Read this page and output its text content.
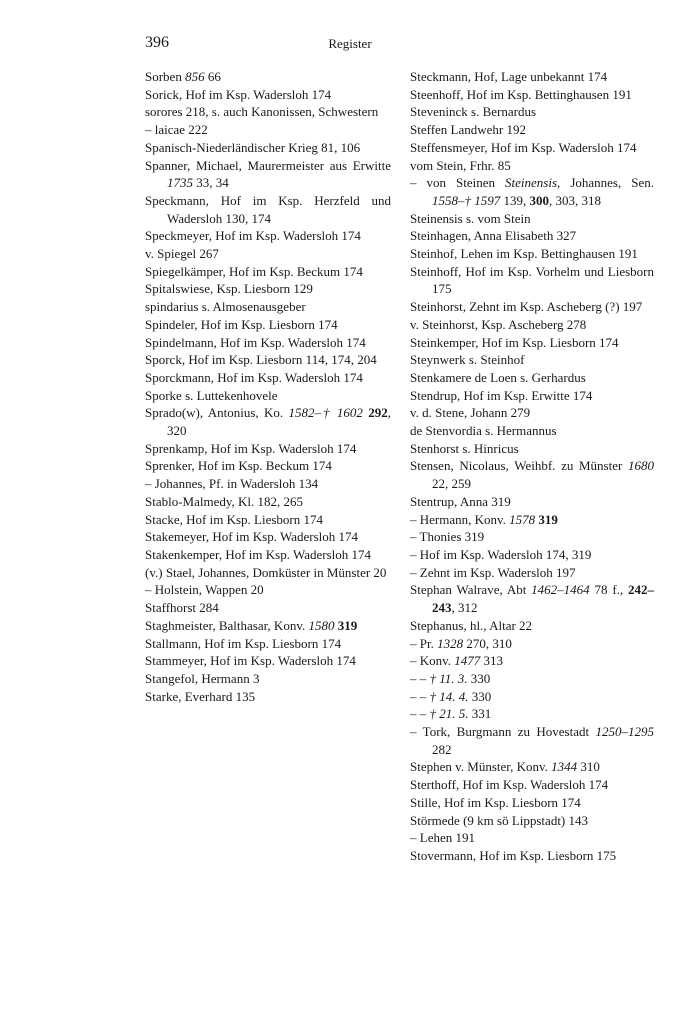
396	Register

Sorben 856 66

Sorick, Hof im Ksp. Wadersloh 174

sorores 218, s. auch Kanonissen, Schwestern

– laicae 222

Spanisch-Niederländischer Krieg 81, 106

Spanner, Michael, Maurermeister aus Erwitte 1735 33, 34

Speckmann, Hof im Ksp. Herzfeld und Wadersloh 130, 174

Speckmeyer, Hof im Ksp. Wadersloh 174

v. Spiegel 267

Spiegelkämper, Hof im Ksp. Beckum 174

Spitalswiese, Ksp. Liesborn 129

spindarius s. Almosenausgeber

Spindeler, Hof im Ksp. Liesborn 174

Spindelmann, Hof im Ksp. Wadersloh 174

Sporck, Hof im Ksp. Liesborn 114, 174, 204

Sporckmann, Hof im Ksp. Wadersloh 174

Sporke s. Luttekenhovele

Sprado(w), Antonius, Ko. 1582–† 1602 292, 320

Sprenkamp, Hof im Ksp. Wadersloh 174

Sprenker, Hof im Ksp. Beckum 174

– Johannes, Pf. in Wadersloh 134

Stablo-Malmedy, Kl. 182, 265

Stacke, Hof im Ksp. Liesborn 174

Stakemeyer, Hof im Ksp. Wadersloh 174

Stakenkemper, Hof im Ksp. Wadersloh 174

(v.) Stael, Johannes, Domküster in Münster 20

– Holstein, Wappen 20

Staffhorst 284

Staghmeister, Balthasar, Konv. 1580 319

Stallmann, Hof im Ksp. Liesborn 174

Stammeyer, Hof im Ksp. Wadersloh 174

Stangefol, Hermann 3

Starke, Everhard 135

Steckmann, Hof, Lage unbekannt 174

Steenhoff, Hof im Ksp. Bettinghausen 191

Steveninck s. Bernardus

Steffen Landwehr 192

Steffensmeyer, Hof im Ksp. Wadersloh 174

vom Stein, Frhr. 85

– von Steinen Steinensis, Johannes, Sen. 1558–† 1597 139, 300, 303, 318

Steinensis s. vom Stein

Steinhagen, Anna Elisabeth 327

Steinhof, Lehen im Ksp. Bettinghausen 191

Steinhoff, Hof im Ksp. Vorhelm und Liesborn 175

Steinhorst, Zehnt im Ksp. Ascheberg (?) 197

v. Steinhorst, Ksp. Ascheberg 278

Steinkemper, Hof im Ksp. Liesborn 174

Steynwerk s. Steinhof

Stenkamere de Loen s. Gerhardus

Stendrup, Hof im Ksp. Erwitte 174

v. d. Stene, Johann 279

de Stenvordia s. Hermannus

Stenhorst s. Hinricus

Stensen, Nicolaus, Weihbf. zu Münster 1680 22, 259

Stentrup, Anna 319

– Hermann, Konv. 1578 319

– Thonies 319

– Hof im Ksp. Wadersloh 174, 319

– Zehnt im Ksp. Wadersloh 197

Stephan Walrave, Abt 1462–1464 78 f., 242–243, 312

Stephanus, hl., Altar 22

– Pr. 1328 270, 310

– Konv. 1477 313

– – † 11. 3. 330

– – † 14. 4. 330

– – † 21. 5. 331

– Tork, Burgmann zu Hovestadt 1250–1295 282

Stephen v. Münster, Konv. 1344 310

Sterthoff, Hof im Ksp. Wadersloh 174

Stille, Hof im Ksp. Liesborn 174

Störmede (9 km sö Lippstadt) 143

– Lehen 191

Stovermann, Hof im Ksp. Liesborn 175
